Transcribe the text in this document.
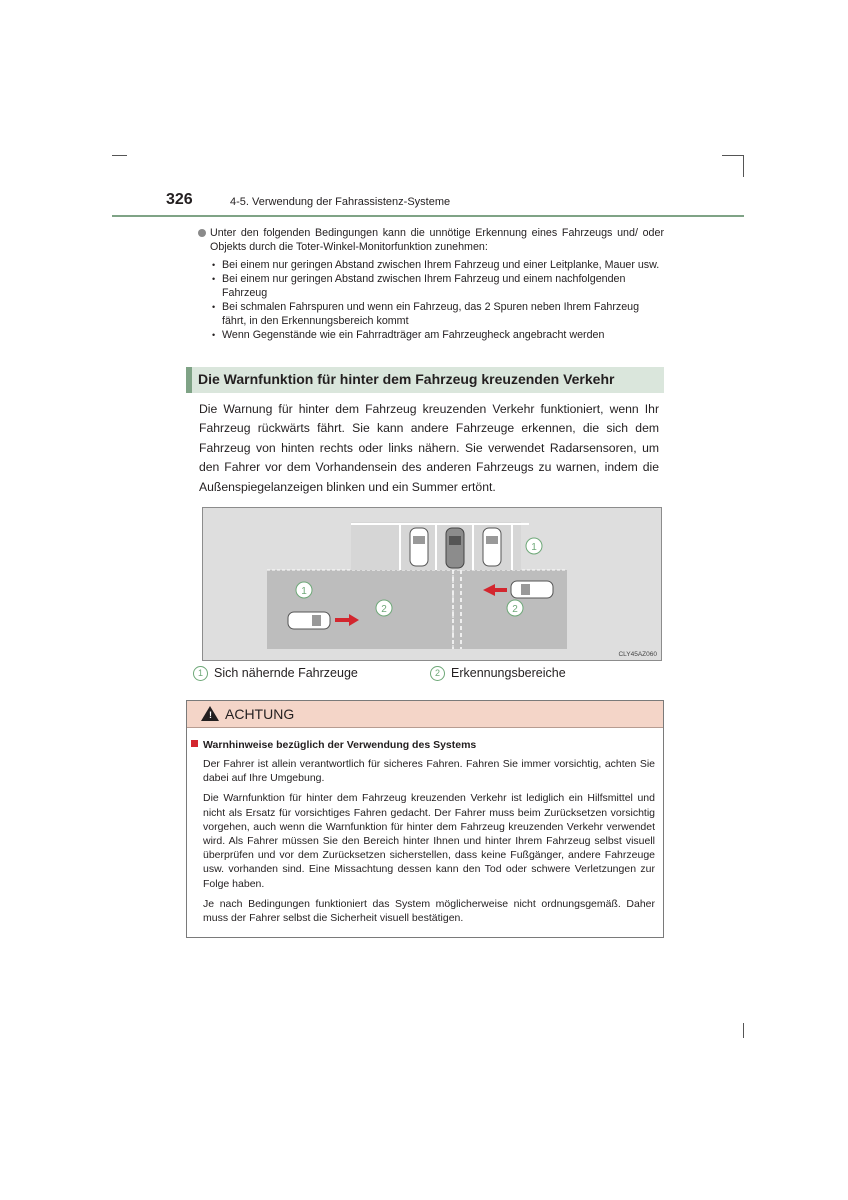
326	4-5. Verwendung der Fahrassistenz-Systeme
Unter den folgenden Bedingungen kann die unnötige Erkennung eines Fahrzeugs und/ oder Objekts durch die Toter-Winkel-Monitorfunktion zunehmen:
• Bei einem nur geringen Abstand zwischen Ihrem Fahrzeug und einer Leitplanke, Mauer usw.
• Bei einem nur geringen Abstand zwischen Ihrem Fahrzeug und einem nachfolgenden Fahrzeug
• Bei schmalen Fahrspuren und wenn ein Fahrzeug, das 2 Spuren neben Ihrem Fahrzeug fährt, in den Erkennungsbereich kommt
• Wenn Gegenstände wie ein Fahrradträger am Fahrzeugheck angebracht werden
Die Warnfunktion für hinter dem Fahrzeug kreuzenden Verkehr
Die Warnung für hinter dem Fahrzeug kreuzenden Verkehr funktioniert, wenn Ihr Fahrzeug rückwärts fährt. Sie kann andere Fahrzeuge erkennen, die sich dem Fahrzeug von hinten rechts oder links nähern. Sie verwendet Radarsensoren, um den Fahrer vor dem Vorhandensein des anderen Fahrzeugs zu warnen, indem die Außenspiegelanzeigen blinken und ein Summer ertönt.
1
1
2	2
CLY45AZ060
1 Sich nähernde Fahrzeuge	2 Erkennungsbereiche
! ACHTUNG
Warnhinweise bezüglich der Verwendung des Systems

Der Fahrer ist allein verantwortlich für sicheres Fahren. Fahren Sie immer vorsichtig, achten Sie dabei auf Ihre Umgebung.

Die Warnfunktion für hinter dem Fahrzeug kreuzenden Verkehr ist lediglich ein Hilfsmittel und nicht als Ersatz für vorsichtiges Fahren gedacht. Der Fahrer muss beim Zurücksetzen vorsichtig vorgehen, auch wenn die Warnfunktion für hinter dem Fahrzeug kreuzenden Verkehr verwendet wird. Als Fahrer müssen Sie den Bereich hinter Ihnen und hinter Ihrem Fahrzeug selbst visuell überprüfen und vor dem Zurücksetzen sicherstellen, dass keine Fußgänger, andere Fahrzeuge usw. vorhanden sind. Eine Missachtung dessen kann den Tod oder schwere Verletzungen zur Folge haben.

Je nach Bedingungen funktioniert das System möglicherweise nicht ordnungsgemäß. Daher muss der Fahrer selbst die Sicherheit visuell bestätigen.
